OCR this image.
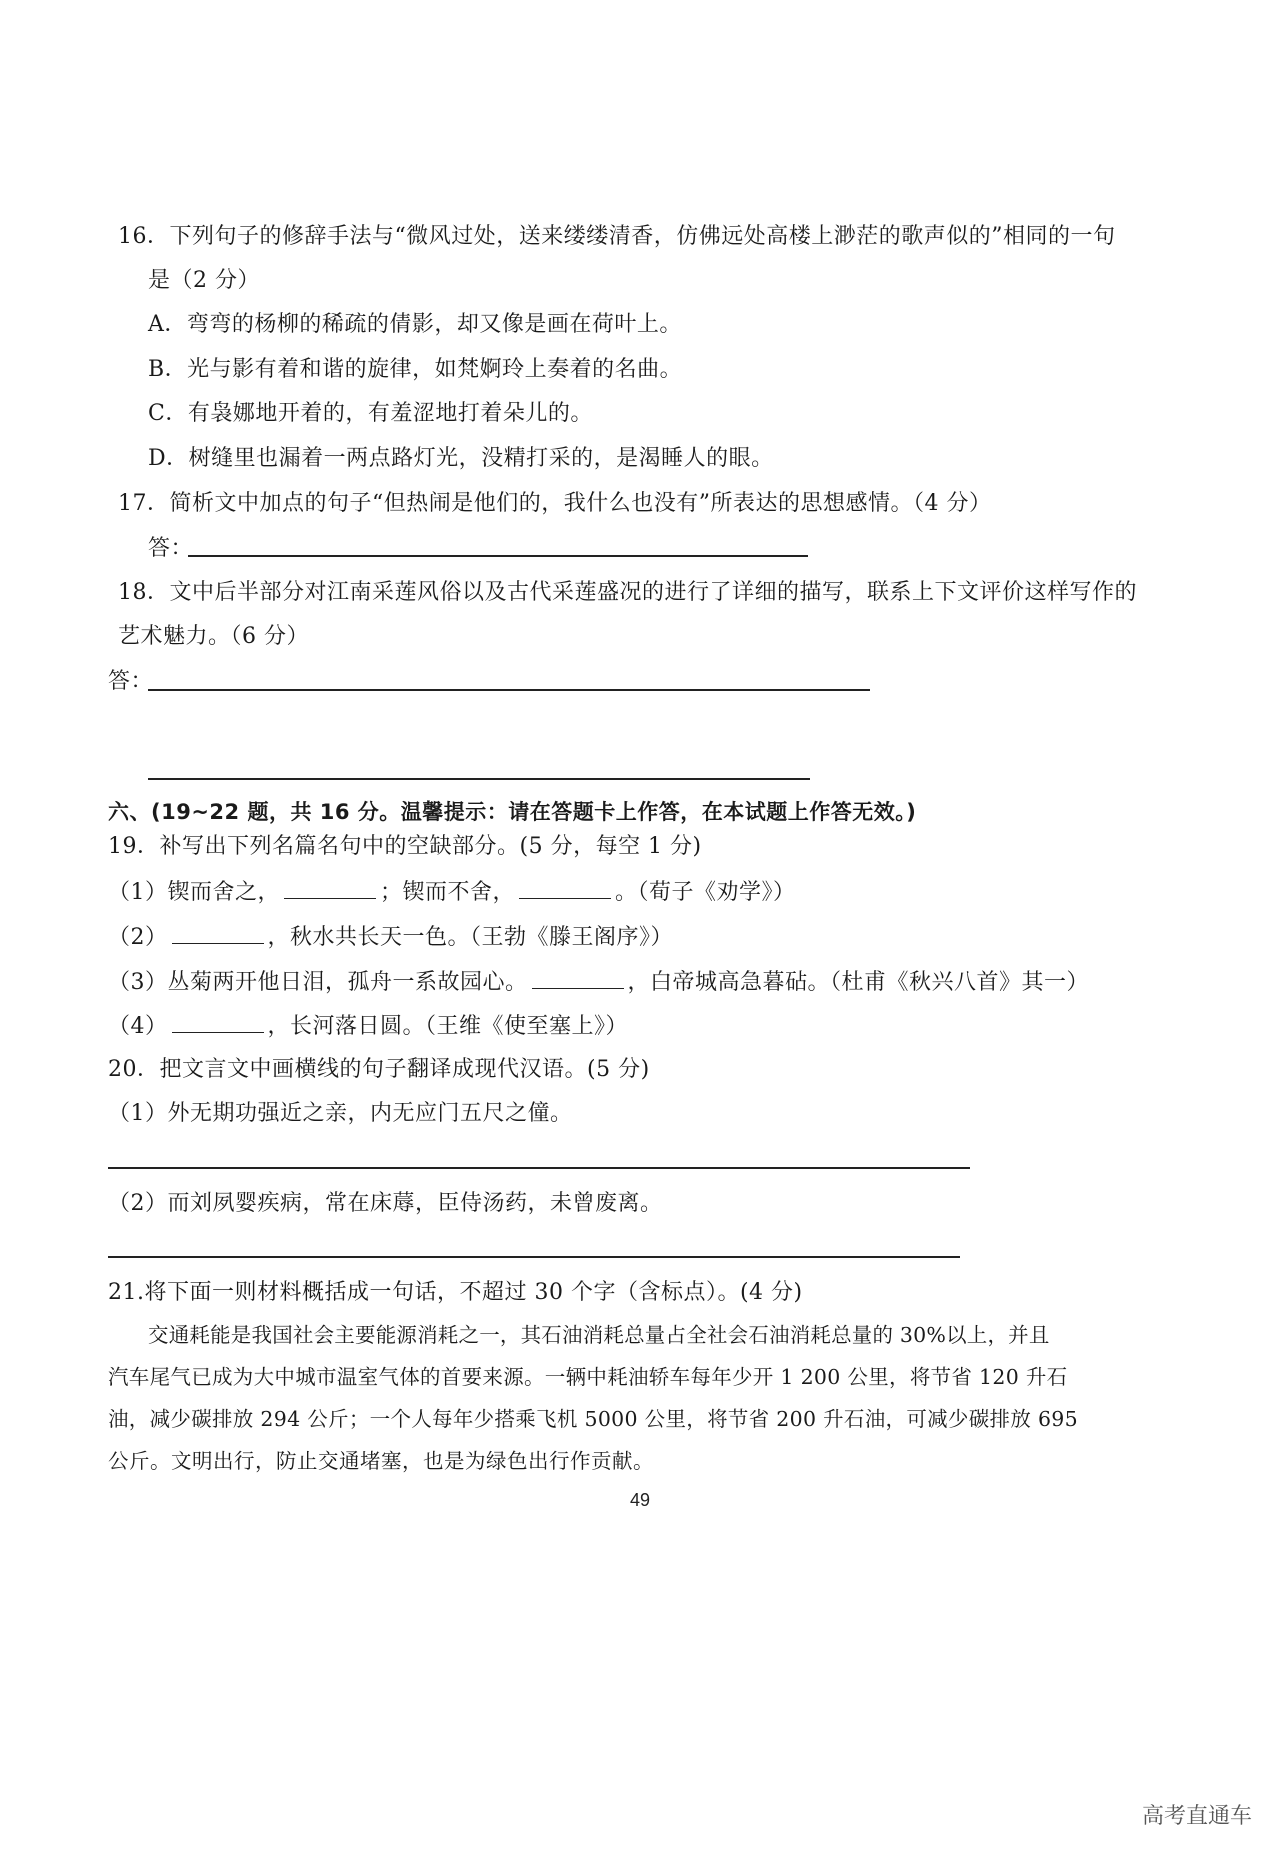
16．下列句子的修辞手法与“微风过处，送来缕缕清香，仿佛远处高楼上渺茫的歌声似的”相同的一句
是（2 分）
A．弯弯的杨柳的稀疏的倩影，却又像是画在荷叶上。
B．光与影有着和谐的旋律，如梵婀玲上奏着的名曲。
C．有袅娜地开着的，有羞涩地打着朵儿的。
D．树缝里也漏着一两点路灯光，没精打采的，是渴睡人的眼。
17．简析文中加点的句子“但热闹是他们的，我什么也没有”所表达的思想感情。（4 分）
答：
18．文中后半部分对江南采莲风俗以及古代采莲盛况的进行了详细的描写，联系上下文评价这样写作的
艺术魅力。（6 分）
答：
六、(19~22 题，共 16 分。温馨提示：请在答题卡上作答，在本试题上作答无效。)
19．补写出下列名篇名句中的空缺部分。(5 分，每空 1 分)
（1）锲而舍之，	；锲而不舍，	。（荀子《劝学》）
（2）	，秋水共长天一色。（王勃《滕王阁序》）
（3）丛菊两开他日泪，孤舟一系故园心。	，白帝城高急暮砧。（杜甫《秋兴八首》其一）
（4）	，长河落日圆。（王维《使至塞上》）
20．把文言文中画横线的句子翻译成现代汉语。(5 分)
（1）外无期功强近之亲，内无应门五尺之僮。
（2）而刘夙婴疾病，常在床蓐，臣侍汤药，未曾废离。
21.将下面一则材料概括成一句话，不超过 30 个字（含标点）。(4 分)
交通耗能是我国社会主要能源消耗之一，其石油消耗总量占全社会石油消耗总量的 30%以上，并且
汽车尾气已成为大中城市温室气体的首要来源。一辆中耗油轿车每年少开 1 200 公里，将节省 120 升石
油，减少碳排放 294 公斤；一个人每年少搭乘飞机 5000 公里，将节省 200 升石油，可减少碳排放 695
公斤。文明出行，防止交通堵塞，也是为绿色出行作贡献。
49
高考直通车
